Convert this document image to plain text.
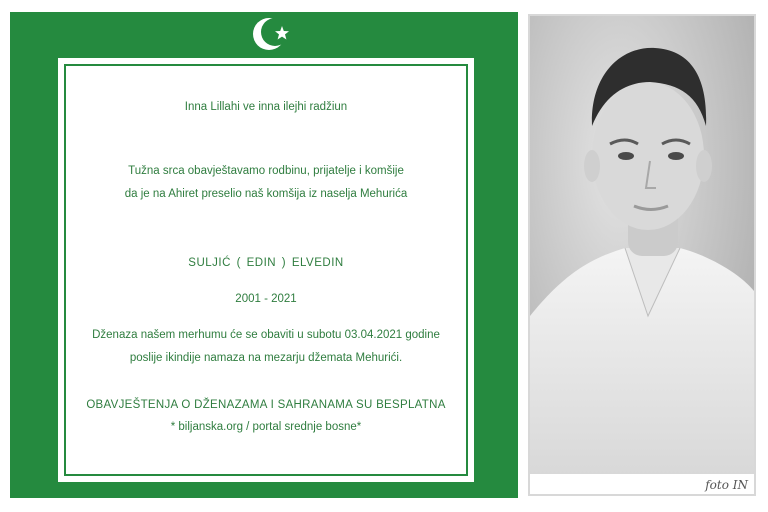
Inna Lillahi ve inna ilejhi radžiun
Tužna srca obavještavamo rodbinu, prijatelje i komšije
da je na Ahiret preselio naš komšija iz naselja Mehurića
SULJIĆ ( EDIN ) ELVEDIN
2001 - 2021
Dženaza našem merhumu će se obaviti u subotu 03.04.2021 godine
poslije ikindije namaza na mezarju džemata Mehurići.
OBAVJEŠTENJA O DŽENAZAMA I SAHRANAMA SU BESPLATNA
* biljanska.org / portal srednje bosne*
foto IN
